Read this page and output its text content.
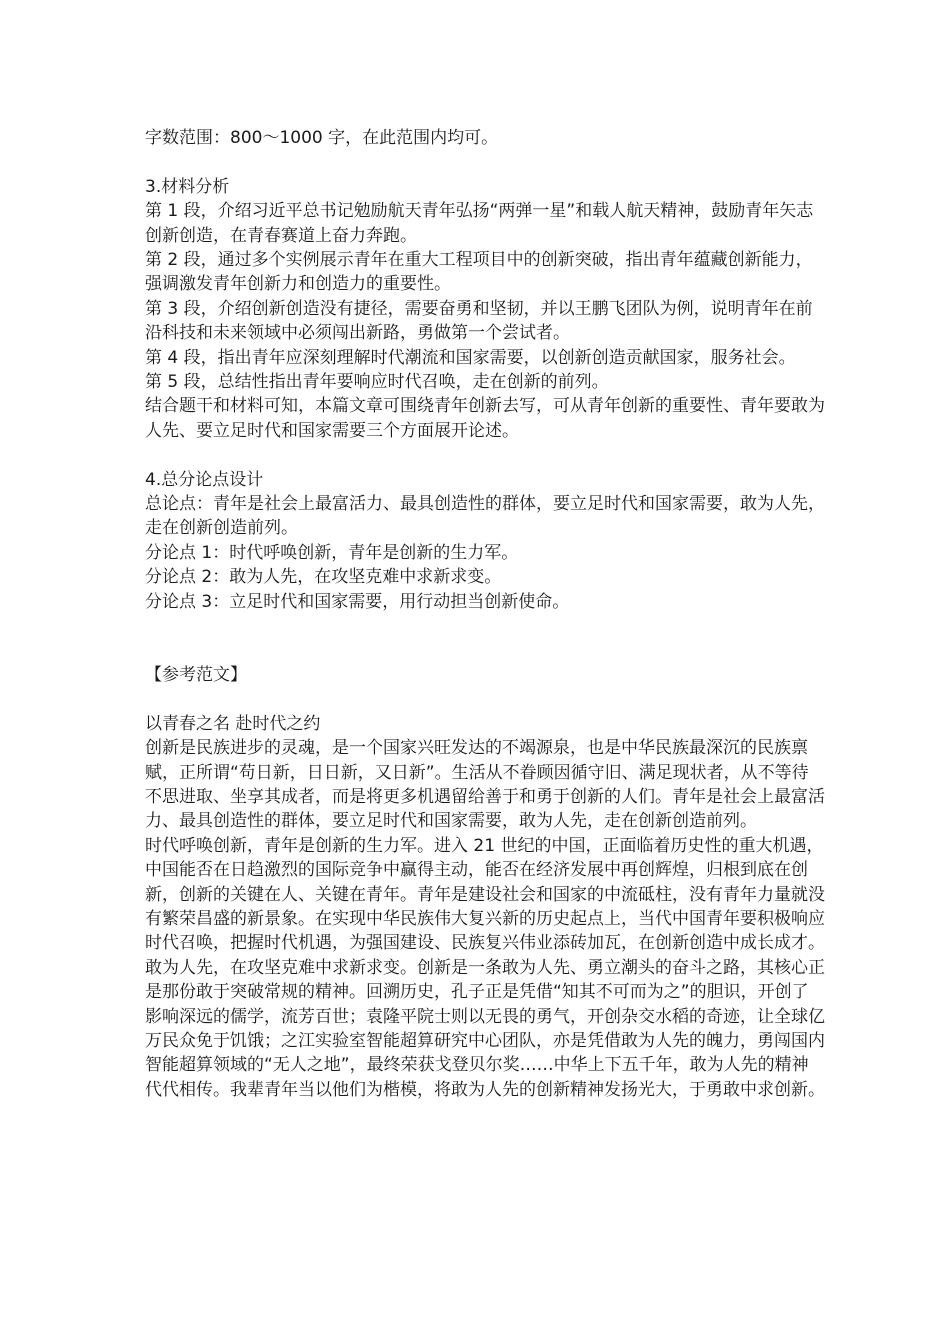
字数范围：800～1000 字，在此范围内均可。

3.材料分析

第 1 段，介绍习近平总书记勉励航天青年弘扬“两弹一星”和载人航天精神，鼓励青年矢志创新创造，在青春赛道上奋力奔跑。

第 2 段，通过多个实例展示青年在重大工程项目中的创新突破，指出青年蕴藏创新能力，强调激发青年创新力和创造力的重要性。

第 3 段，介绍创新创造没有捷径，需要奋勇和坚韧，并以王鹏飞团队为例，说明青年在前沿科技和未来领域中必须闯出新路，勇做第一个尝试者。

第 4 段，指出青年应深刻理解时代潮流和国家需要，以创新创造贡献国家，服务社会。

第 5 段，总结性指出青年要响应时代召唤，走在创新的前列。

结合题干和材料可知，本篇文章可围绕青年创新去写，可从青年创新的重要性、青年要敢为人先、要立足时代和国家需要三个方面展开论述。

4.总分论点设计

总论点：青年是社会上最富活力、最具创造性的群体，要立足时代和国家需要，敢为人先，走在创新创造前列。

分论点 1：时代呼唤创新，青年是创新的生力军。

分论点 2：敢为人先，在攻坚克难中求新求变。

分论点 3：立足时代和国家需要，用行动担当创新使命。

【参考范文】

以青春之名 赴时代之约

创新是民族进步的灵魂，是一个国家兴旺发达的不竭源泉，也是中华民族最深沉的民族禀赋，正所谓“苟日新，日日新，又日新”。生活从不眷顾因循守旧、满足现状者，从不等待不思进取、坐享其成者，而是将更多机遇留给善于和勇于创新的人们。青年是社会上最富活力、最具创造性的群体，要立足时代和国家需要，敢为人先，走在创新创造前列。

时代呼唤创新，青年是创新的生力军。进入 21 世纪的中国，正面临着历史性的重大机遇，中国能否在日趋激烈的国际竞争中赢得主动，能否在经济发展中再创辉煌，归根到底在创新，创新的关键在人、关键在青年。青年是建设社会和国家的中流砥柱，没有青年力量就没有繁荣昌盛的新景象。在实现中华民族伟大复兴新的历史起点上，当代中国青年要积极响应时代召唤，把握时代机遇，为强国建设、民族复兴伟业添砖加瓦，在创新创造中成长成才。

敢为人先，在攻坚克难中求新求变。创新是一条敢为人先、勇立潮头的奋斗之路，其核心正是那份敢于突破常规的精神。回溯历史，孔子正是凭借“知其不可而为之”的胆识，开创了影响深远的儒学，流芳百世；袁隆平院士则以无畏的勇气，开创杂交水稻的奇迹，让全球亿万民众免于饥饿；之江实验室智能超算研究中心团队，亦是凭借敢为人先的魄力，勇闯国内智能超算领域的“无人之地”，最终荣获戈登贝尔奖……中华上下五千年，敢为人先的精神代代相传。我辈青年当以他们为楷模，将敢为人先的创新精神发扬光大，于勇敢中求创新。
